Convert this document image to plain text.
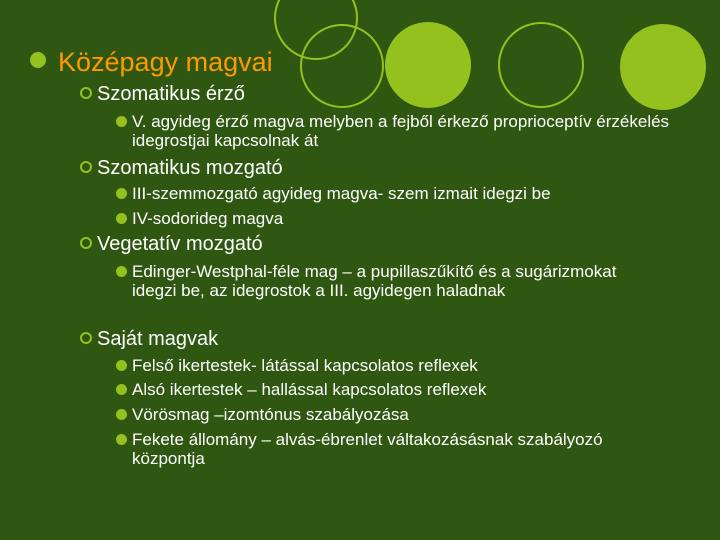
Középagy magvai
Szomatikus érző
V. agyideg érző magva melyben a fejből érkező proprioceptív érzékelés idegrostjai kapcsolnak át
Szomatikus mozgató
III-szemmozgató agyideg magva- szem izmait idegzi be
IV-sodorideg magva
Vegetatív mozgató
Edinger-Westphal-féle mag – a pupillaszűkítő és a sugárizmokat idegzi be, az idegrostok a III. agyidegen haladnak
Saját magvak
Felső ikertestek- látással kapcsolatos reflexek
Alsó ikertestek – hallással kapcsolatos reflexek
Vörösmag –izomtónus szabályozása
Fekete állomány – alvás-ébrenlet váltakozásásnak szabályozó központja
